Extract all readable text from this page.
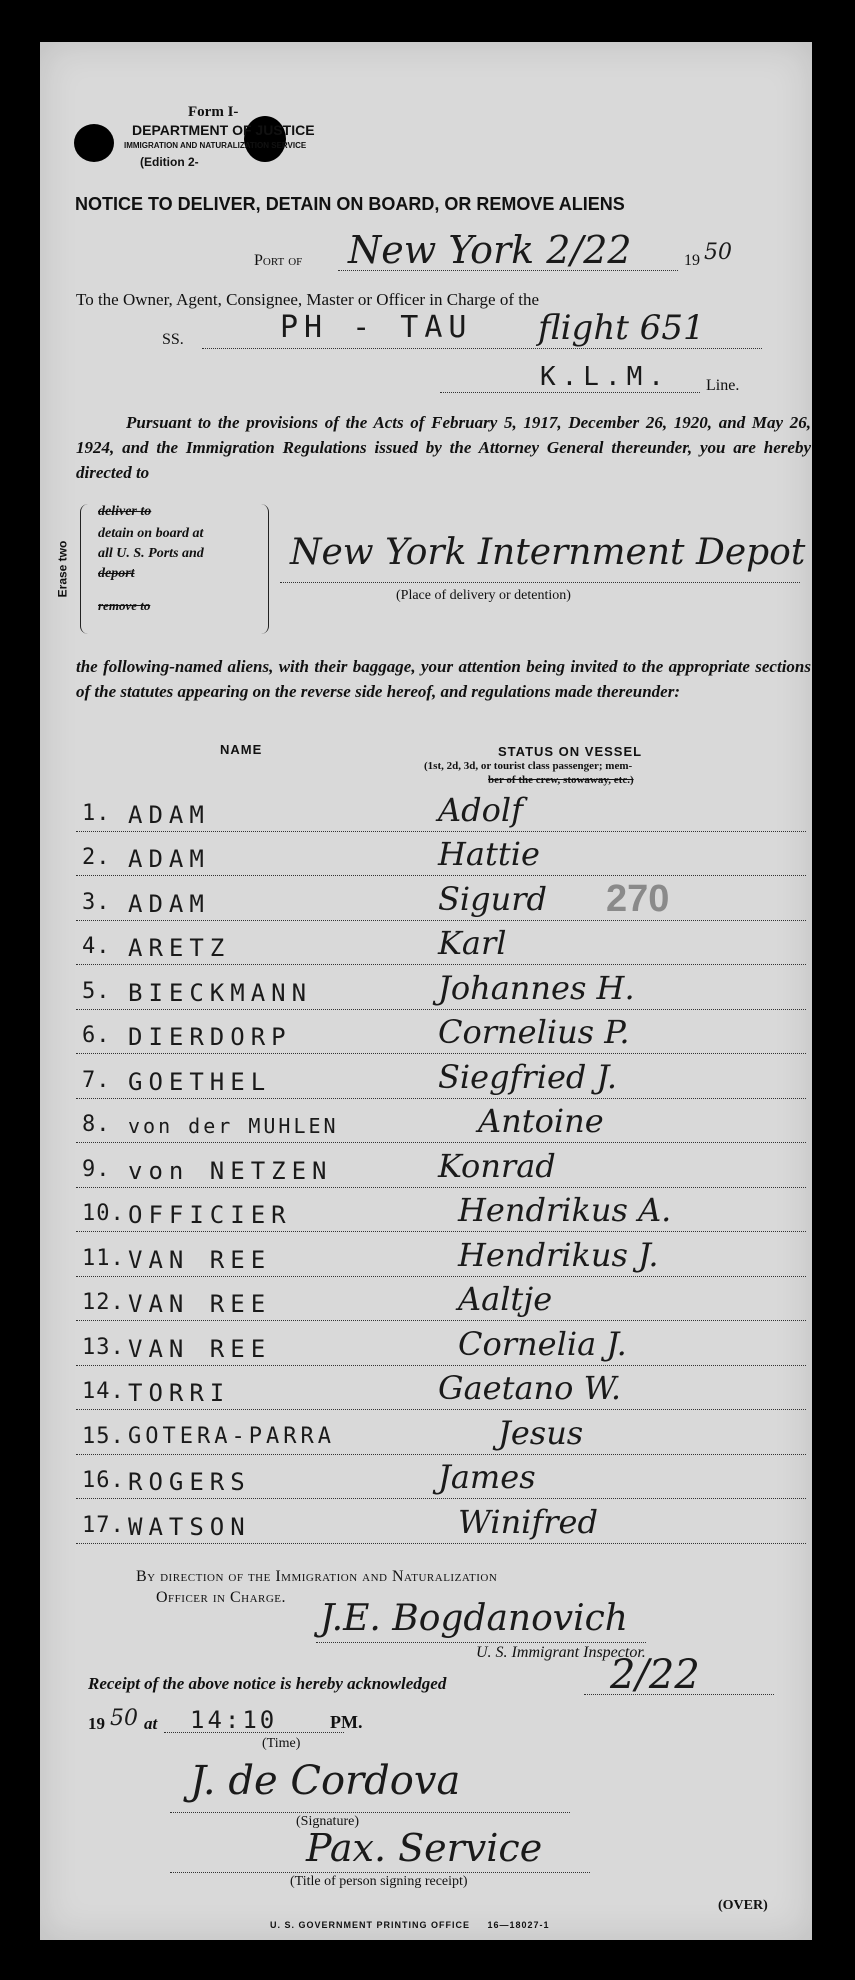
Form I-
DEPARTMENT OF JUSTICE
IMMIGRATION AND NATURALIZATION SERVICE
(Edition 2-
NOTICE TO DELIVER, DETAIN ON BOARD, OR REMOVE ALIENS
Port of New York 2/22	19 50
To the Owner, Agent, Consignee, Master or Officer in Charge of the
SS.	PH - TAU flight 651
K.L.M. Line.
Pursuant to the provisions of the Acts of February 5, 1917, December 26, 1920, and May 26, 1924, and the Immigration Regulations issued by the Attorney General thereunder, you are hereby directed to
Erase two
deliver to
detain on board at
all U. S. Ports and
deport
remove to
New York Internment Depot
(Place of delivery or detention)
the following-named aliens, with their baggage, your attention being invited to the appropriate sections of the statutes appearing on the reverse side hereof, and regulations made thereunder:
NAME	STATUS ON VESSEL
(1st, 2d, 3d, or tourist class passenger; mem-
ber of the crew, stowaway, etc.)
270
1. ADAM	Adolf
2. ADAM	Hattie
3. ADAM	Sigurd
4. ARETZ	Karl
5. BIECKMANN	Johannes H.
6. DIERDORP	Cornelius P.
7. GOETHEL	Siegfried J.
8. von der MUHLEN	Antoine
9. von NETZEN	Konrad
10. OFFICIER	Hendrikus A.
11. VAN REE	Hendrikus J.
12. VAN REE	Aaltje
13. VAN REE	Cornelia J.
14. TORRI	Gaetano W.
15. GOTERA-PARRA	Jesus
16. ROGERS	James
17. WATSON	Winifred
By direction of the Immigration and Naturalization
Officer in Charge.
J.E. Bogdanovich
U. S. Immigrant Inspector.
Receipt of the above notice is hereby acknowledged	2/22
19 50 at 14:10	PM.
(Time)
J. de Cordova
(Signature)
Pax. Service
(Title of person signing receipt)
U. S. GOVERNMENT PRINTING OFFICE     16—18027-1
(OVER)
